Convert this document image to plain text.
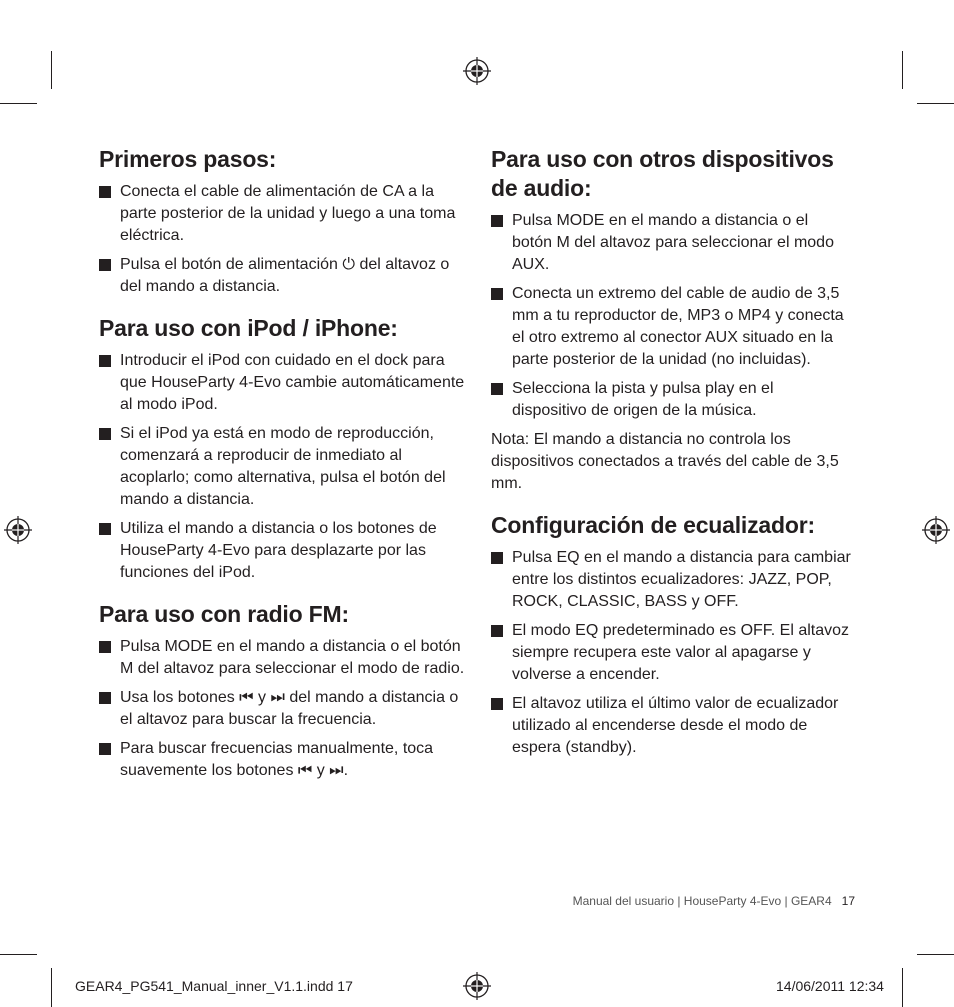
Primeros pasos:
Conecta el cable de alimentación de CA a la parte posterior de la unidad y luego a una toma eléctrica.
Pulsa el botón de alimentación ⏻ del altavoz o del mando a distancia.
Para uso con iPod / iPhone:
Introducir el iPod con cuidado en el dock para que HouseParty 4-Evo cambie automáticamente al modo iPod.
Si el iPod ya está en modo de reproducción, comenzará a reproducir de inmediato al acoplarlo; como alternativa, pulsa el botón del mando a distancia.
Utiliza el mando a distancia o los botones de HouseParty 4-Evo para desplazarte por las funciones del iPod.
Para uso con radio FM:
Pulsa MODE en el mando a distancia o el botón M del altavoz para seleccionar el modo de radio.
Usa los botones ⏮ y ⏭ del mando a distancia o el altavoz para buscar la frecuencia.
Para buscar frecuencias manualmente, toca suavemente los botones ⏮ y ⏭.
Para uso con otros dispositivos de audio:
Pulsa MODE en el mando a distancia o el botón M del altavoz para seleccionar el modo AUX.
Conecta un extremo del cable de audio de 3,5 mm a tu reproductor de, MP3 o MP4 y conecta el otro extremo al conector AUX situado en la parte posterior de la unidad (no incluidas).
Selecciona la pista y pulsa play en el dispositivo de origen de la música.

Nota: El mando a distancia no controla los dispositivos conectados a través del cable de 3,5 mm.

Configuración de ecualizador:
Pulsa EQ en el mando a distancia para cambiar entre los distintos ecualizadores: JAZZ, POP, ROCK, CLASSIC, BASS y OFF.
El modo EQ predeterminado es OFF. El altavoz siempre recupera este valor al apagarse y volverse a encender.
El altavoz utiliza el último valor de ecualizador utilizado al encenderse desde el modo de espera (standby).
Manual del usuario | HouseParty 4-Evo | GEAR4 17
GEAR4_PG541_Manual_inner_V1.1.indd 17	14/06/2011 12:34
